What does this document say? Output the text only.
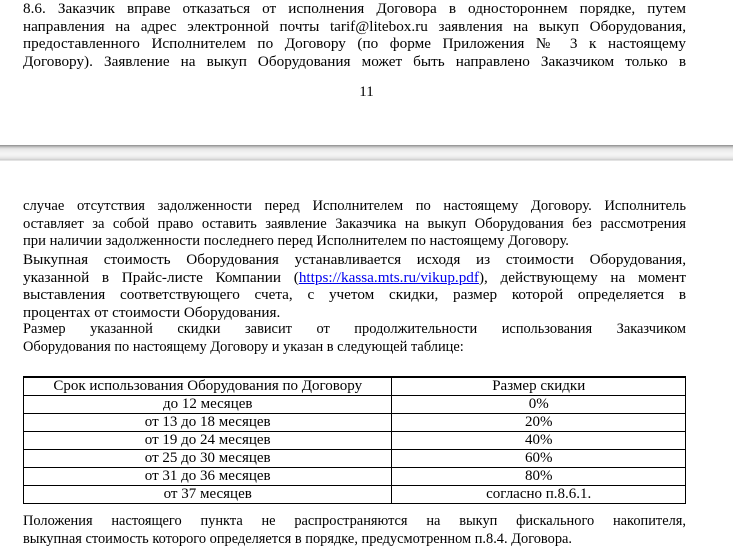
8.6. Заказчик вправе отказаться от исполнения Договора в одностороннем порядке, путем
направления на адрес электронной почты tarif@litebox.ru заявления на выкуп Оборудования,
предоставленного Исполнителем по Договору (по форме Приложения № 3 к настоящему
Договору). Заявление на выкуп Оборудования может быть направлено Заказчиком только в
11
случае отсутствия задолженности перед Исполнителем по настоящему Договору. Исполнитель
оставляет за собой право оставить заявление Заказчика на выкуп Оборудования без рассмотрения
при наличии задолженности последнего перед Исполнителем по настоящему Договору.
Выкупная стоимость Оборудования устанавливается исходя из стоимости Оборудования,
указанной в Прайс-листе Компании (https://kassa.mts.ru/vikup.pdf), действующему на момент
выставления соответствующего счета, с учетом скидки, размер которой определяется в
процентах от стоимости Оборудования.
Размер указанной скидки зависит от продолжительности использования Заказчиком
Оборудования по настоящему Договору и указан в следующей таблице:
Срок использования Оборудования по Договору	Размер скидки
до 12 месяцев	0%
от 13 до 18 месяцев	20%
от 19 до 24 месяцев	40%
от 25 до 30 месяцев	60%
от 31 до 36 месяцев	80%
от 37 месяцев	согласно п.8.6.1.
Положения настоящего пункта не распространяются на выкуп фискального накопителя,
выкупная стоимость которого определяется в порядке, предусмотренном п.8.4. Договора.
